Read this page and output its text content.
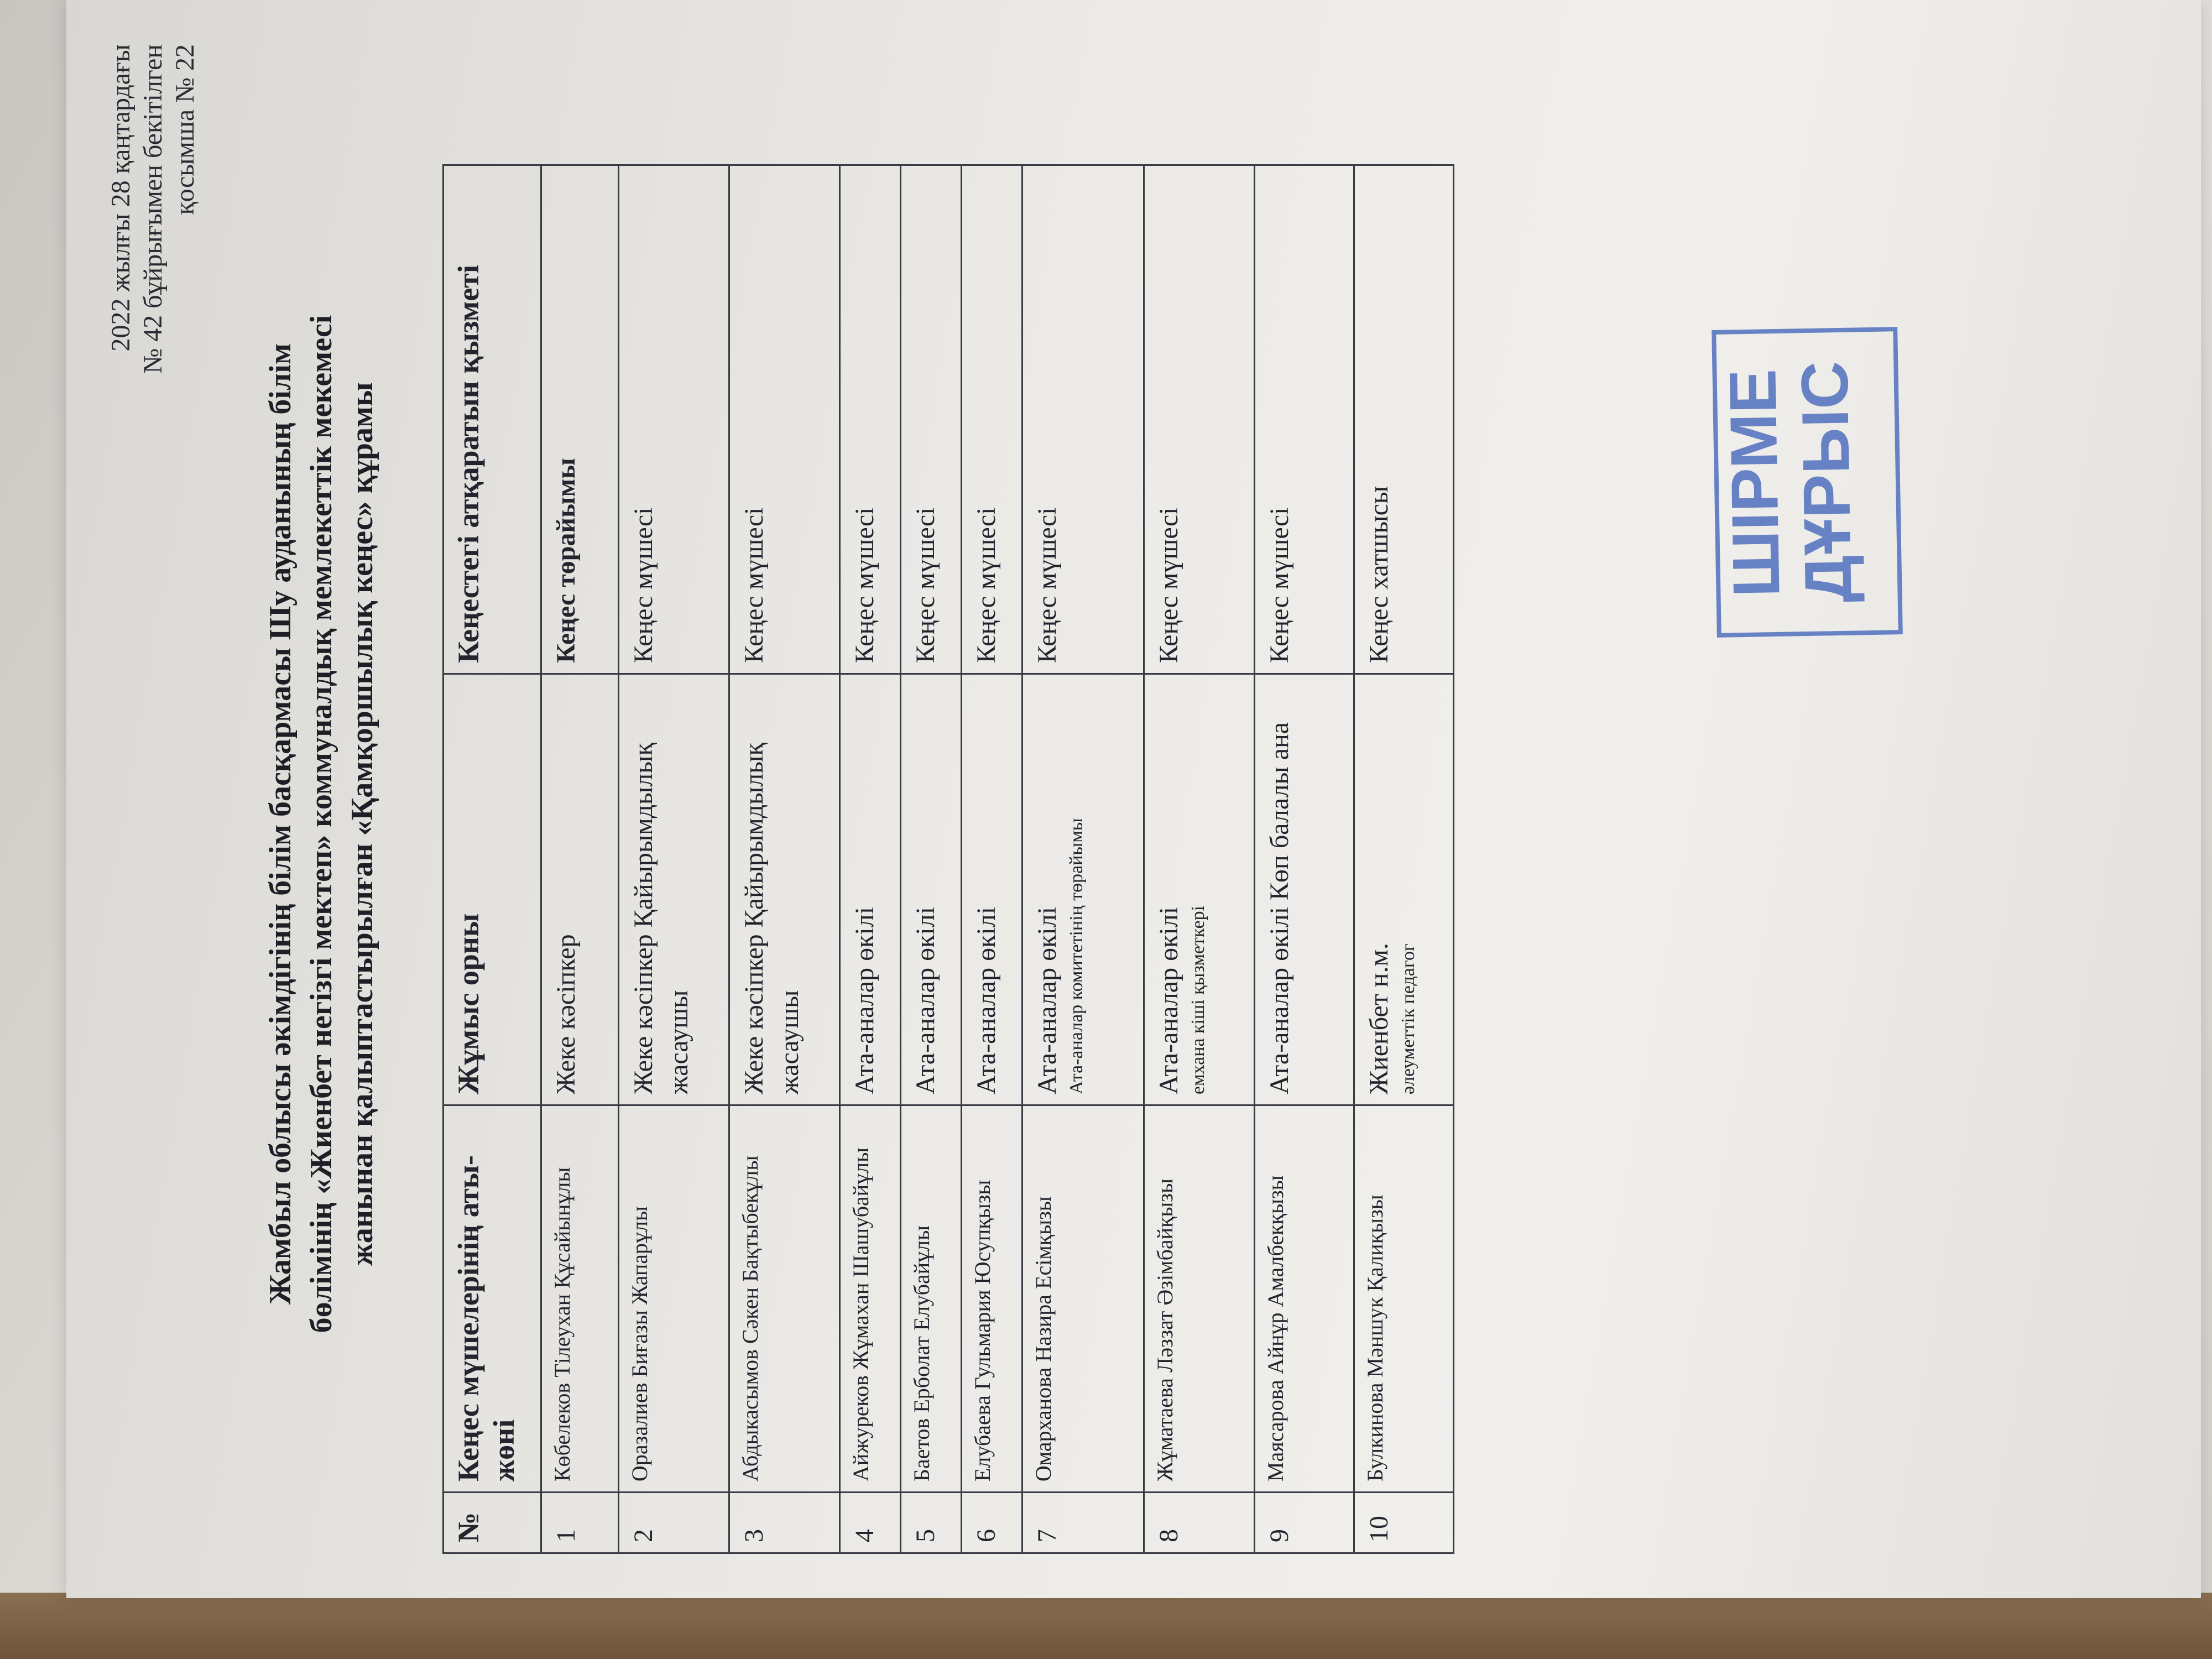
2022 жылғы 28 қаңтардағы № 42 бұйрығымен бекітілген қосымша № 22
Жамбыл облысы әкімдігінің білім басқармасы Шу ауданының білім бөлімінің «Жиенбет негізгі мектеп» коммуналдық мемлекеттік мекемесі жанынан қалыптастырылған «Қамқоршылық кеңес» құрамы
№	Кеңес мүшелерінің аты-жөні	Жұмыс орны	Кеңестегі атқаратын қызметі
1	Көбелеков Тілеухан Құсайынұлы	Жеке кәсіпкер	Кеңес төрайымы
2	Оразалиев Биғазы Жапарұлы	Жеке кәсіпкер Қайырымдылық жасаушы	Кеңес мүшесі
3	Абдыкасымов Сәкен Бақтыбекұлы	Жеке кәсіпкер Қайырымдылық жасаушы	Кеңес мүшесі
4	Айжуреков Жұмахан Шашубайұлы	Ата-аналар өкілі	Кеңес мүшесі
5	Баетов Ерболат Елубайұлы	Ата-аналар өкілі	Кеңес мүшесі
6	Елубаева Гульмария Юсупқызы	Ата-аналар өкілі	Кеңес мүшесі
7	Омарханова Назира Есімқызы	Ата-аналар өкілі Ата-аналар комитетінің төрайымы	Кеңес мүшесі
8	Жұматаева Ләззат Әзімбайқызы	Ата-аналар өкілі емхана кіші қызметкері	Кеңес мүшесі
9	Маясарова Айнұр Амалбекқызы	Ата-аналар өкілі Көп балалы ана	Кеңес мүшесі
10	Булкинова Мәншук Қалиқызы	Жиенбет н.м. әлеуметтік педагог	Кеңес хатшысы	ШІРМЕ
ДҰРЫС
